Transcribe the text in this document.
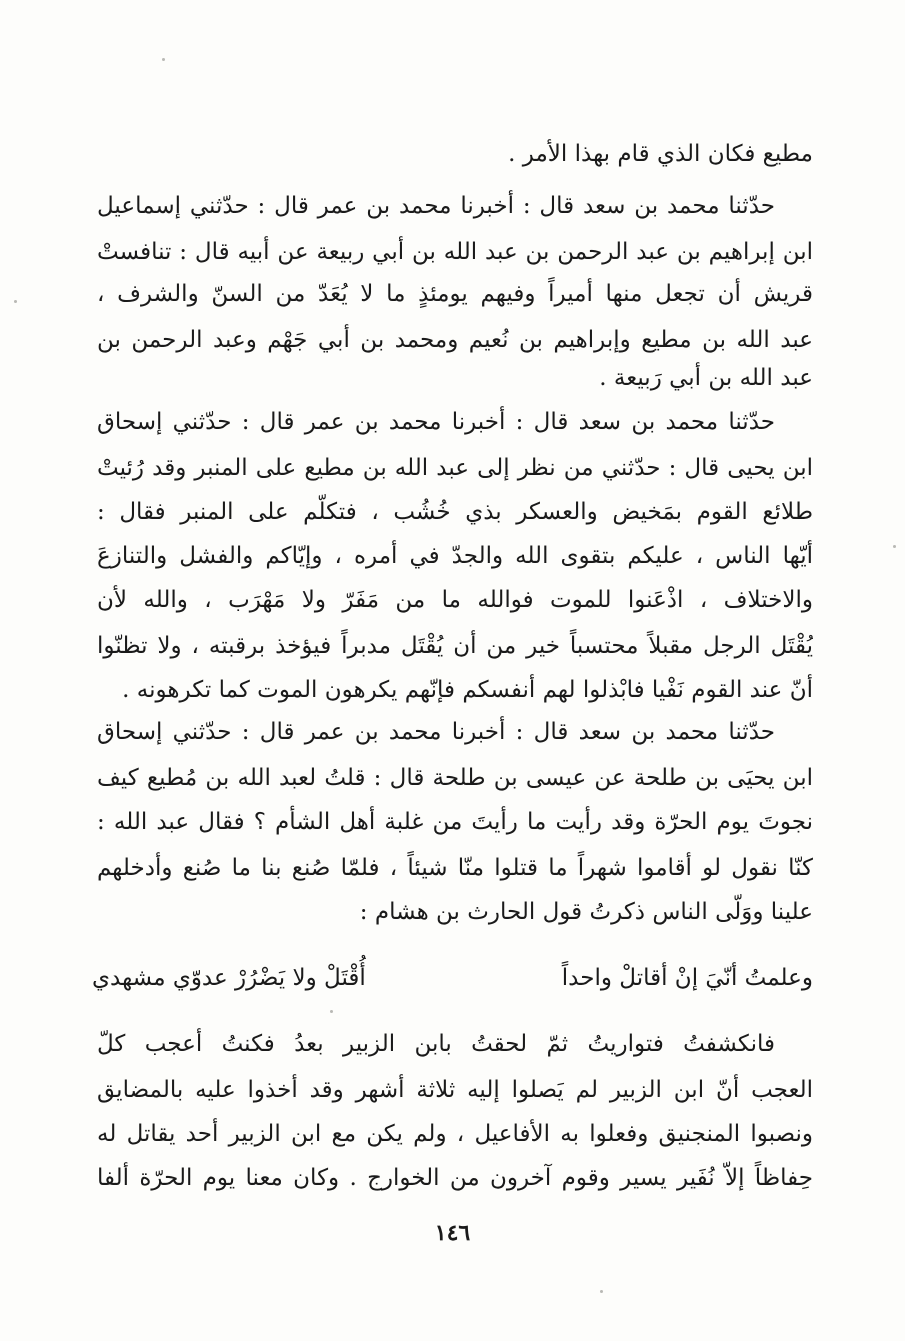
مطيع فكان الذي قام بهذا الأمر .
حدّثنا محمد بن سعد قال : أخبرنا محمد بن عمر قال : حدّثني إسماعيل
ابن إبراهيم بن عبد الرحمن بن عبد الله بن أبي ربيعة عن أبيه قال : تنافستْ
قريش أن تجعل منها أميراً وفيهم يومئذٍ ما لا يُعَدّ من السنّ والشرف ،
عبد الله بن مطيع وإبراهيم بن نُعيم ومحمد بن أبي جَهْم وعبد الرحمن بن
عبد الله بن أبي رَبيعة .
حدّثنا محمد بن سعد قال : أخبرنا محمد بن عمر قال : حدّثني إسحاق
ابن يحيى قال : حدّثني من نظر إلى عبد الله بن مطيع على المنبر وقد رُئيتْ
طلائع القوم بمَخيض والعسكر بذي خُشُب ، فتكلّم على المنبر فقال :
أيّها الناس ، عليكم بتقوى الله والجدّ في أمره ، وإيّاكم والفشل والتنازعَ
والاختلاف ، اذْعَنوا للموت فوالله ما من مَفَرّ ولا مَهْرَب ، والله لأن
يُقْتَل الرجل مقبلاً محتسباً خير من أن يُقْتَل مدبراً فيؤخذ برقبته ، ولا تظنّوا
أنّ عند القوم نَفْيا فابْذلوا لهم أنفسكم فإنّهم يكرهون الموت كما تكرهونه .
حدّثنا محمد بن سعد قال : أخبرنا محمد بن عمر قال : حدّثني إسحاق
ابن يحيَى بن طلحة عن عيسى بن طلحة قال : قلتُ لعبد الله بن مُطيع كيف
نجوتَ يوم الحرّة وقد رأيت ما رأيتَ من غلبة أهل الشأم ؟ فقال عبد الله :
كنّا نقول لو أقاموا شهراً ما قتلوا منّا شيئاً ، فلمّا صُنع بنا ما صُنع وأدخلهم
علينا ووَلّى الناس ذكرتُ قول الحارث بن هشام :
وعلمتُ أنّيَ إنْ أقاتلْ واحداً
أُقْتَلْ ولا يَضْرُرْ عدوّي مشهدي
فانكشفتُ فتواريتُ ثمّ لحقتُ بابن الزبير بعدُ فكنتُ أعجب كلّ
العجب أنّ ابن الزبير لم يَصلوا إليه ثلاثة أشهر وقد أخذوا عليه بالمضايق
ونصبوا المنجنيق وفعلوا به الأفاعيل ، ولم يكن مع ابن الزبير أحد يقاتل له
حِفاظاً إلاّ نُفَير يسير وقوم آخرون من الخوارج . وكان معنا يوم الحرّة ألفا
١٤٦
